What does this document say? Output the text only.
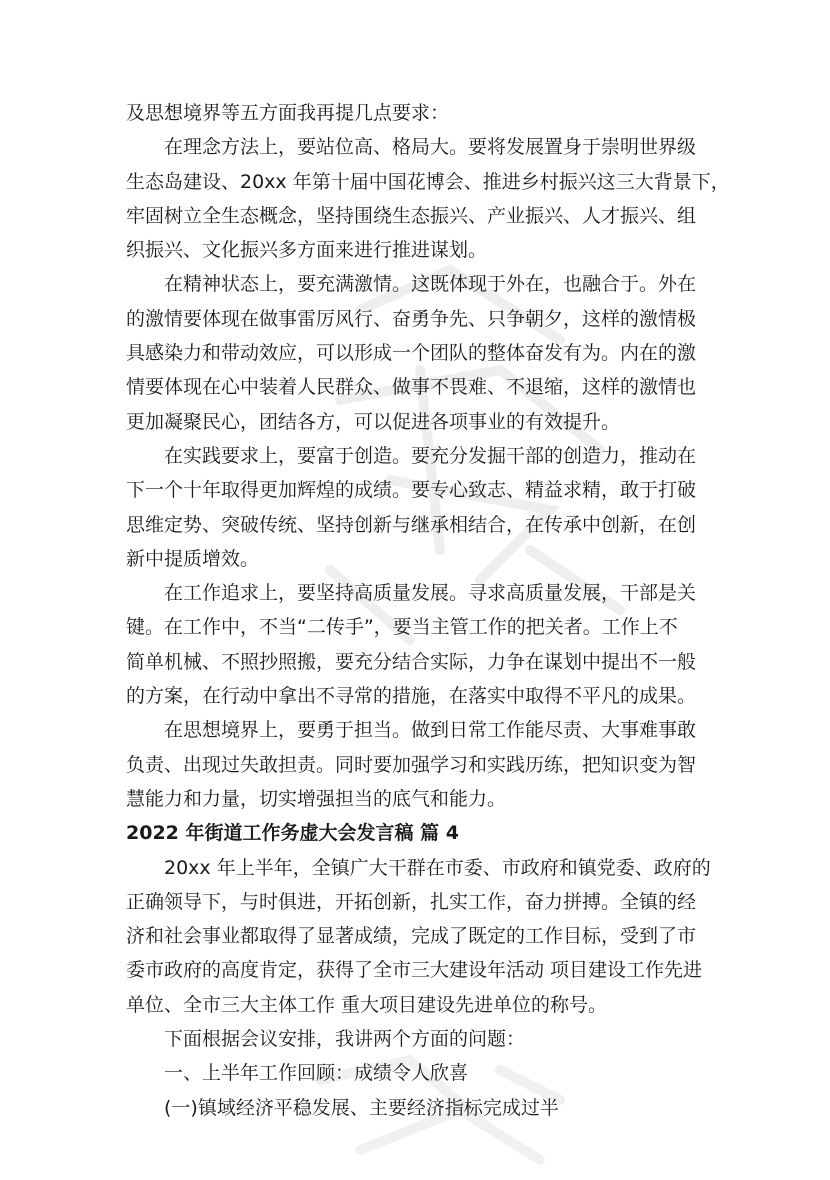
及思想境界等五方面我再提几点要求：
在理念方法上，要站位高、格局大。要将发展置身于崇明世界级
生态岛建设、20xx 年第十届中国花博会、推进乡村振兴这三大背景下，
牢固树立全生态概念，坚持围绕生态振兴、产业振兴、人才振兴、组
织振兴、文化振兴多方面来进行推进谋划。
在精神状态上，要充满激情。这既体现于外在，也融合于。外在
的激情要体现在做事雷厉风行、奋勇争先、只争朝夕，这样的激情极
具感染力和带动效应，可以形成一个团队的整体奋发有为。内在的激
情要体现在心中装着人民群众、做事不畏难、不退缩，这样的激情也
更加凝聚民心，团结各方，可以促进各项事业的有效提升。
在实践要求上，要富于创造。要充分发掘干部的创造力，推动在
下一个十年取得更加辉煌的成绩。要专心致志、精益求精，敢于打破
思维定势、突破传统、坚持创新与继承相结合，在传承中创新，在创
新中提质增效。
在工作追求上，要坚持高质量发展。寻求高质量发展，干部是关
键。在工作中，不当“二传手”，要当主管工作的把关者。工作上不
简单机械、不照抄照搬，要充分结合实际，力争在谋划中提出不一般
的方案，在行动中拿出不寻常的措施，在落实中取得不平凡的成果。
在思想境界上，要勇于担当。做到日常工作能尽责、大事难事敢
负责、出现过失敢担责。同时要加强学习和实践历练，把知识变为智
慧能力和力量，切实增强担当的底气和能力。
2022 年街道工作务虚大会发言稿 篇 4
20xx 年上半年，全镇广大干群在市委、市政府和镇党委、政府的
正确领导下，与时俱进，开拓创新，扎实工作，奋力拼搏。全镇的经
济和社会事业都取得了显著成绩，完成了既定的工作目标，受到了市
委市政府的高度肯定，获得了全市三大建设年活动 项目建设工作先进
单位、全市三大主体工作 重大项目建设先进单位的称号。
下面根据会议安排，我讲两个方面的问题：
一、上半年工作回顾：成绩令人欣喜
(一)镇域经济平稳发展、主要经济指标完成过半
